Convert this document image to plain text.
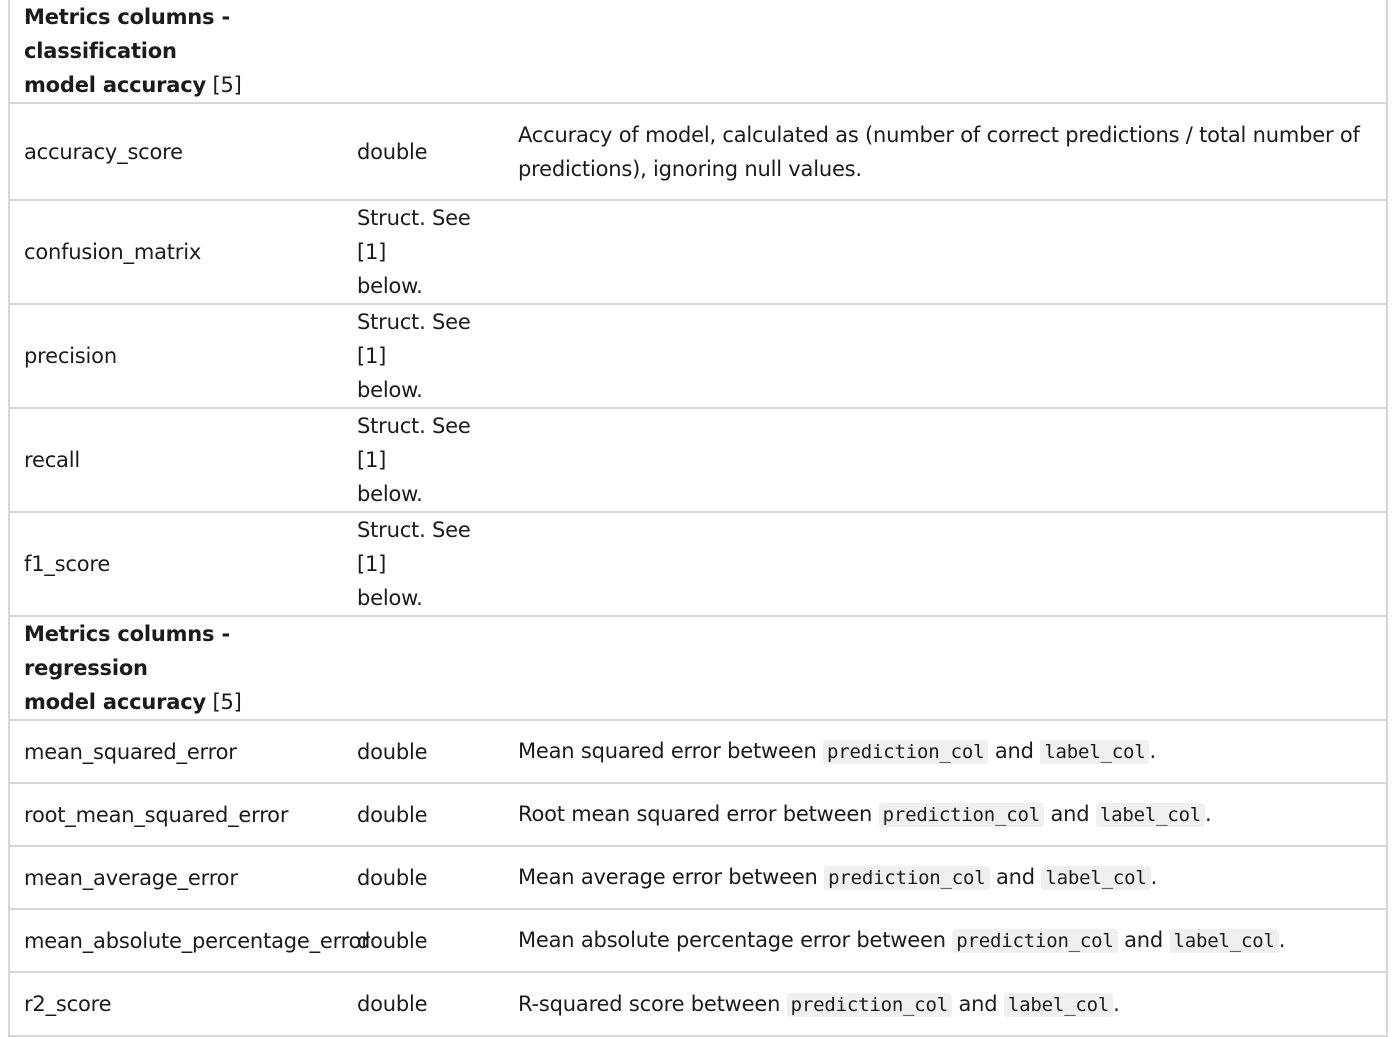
Metrics columns - classification
model accuracy [5]		
accuracy_score	double	Accuracy of model, calculated as (number of correct predictions / total number of predictions), ignoring null values.
confusion_matrix	Struct. See [1]
below.	
precision	Struct. See [1]
below.	
recall	Struct. See [1]
below.	
f1_score	Struct. See [1]
below.	
Metrics columns - regression
model accuracy [5]		
mean_squared_error	double	Mean squared error between prediction_col and label_col .
root_mean_squared_error	double	Root mean squared error between prediction_col and label_col .
mean_average_error	double	Mean average error between prediction_col and label_col .
mean_absolute_percentage_error	double	Mean absolute percentage error between prediction_col and label_col .
r2_score	double	R-squared score between prediction_col and label_col .
